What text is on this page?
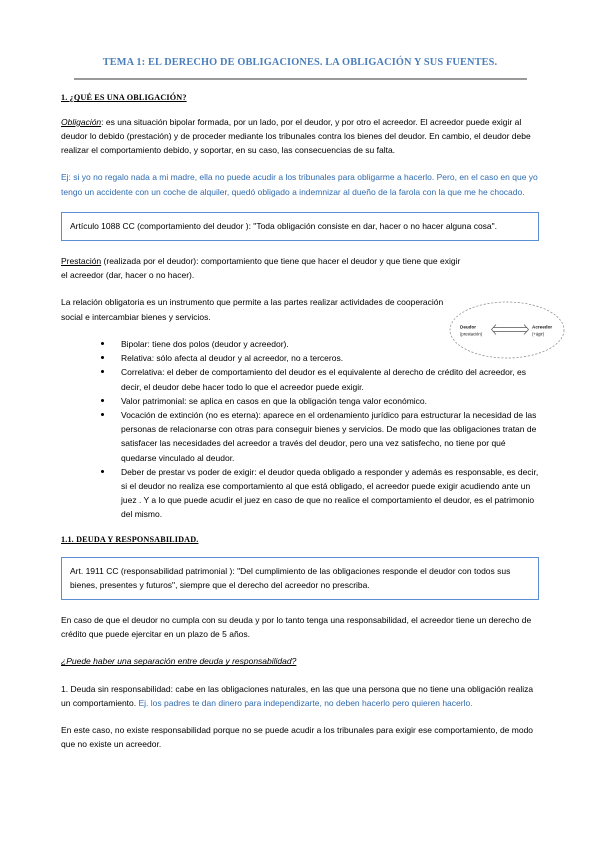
TEMA 1: EL DERECHO DE OBLIGACIONES. LA OBLIGACIÓN Y SUS FUENTES.
1. ¿QUÉ ES UNA OBLIGACIÓN?

Obligación: es una situación bipolar formada, por un lado, por el deudor, y por otro el acreedor. El acreedor puede exigir al deudor lo debido (prestación) y de proceder mediante los tribunales contra los bienes del deudor. En cambio, el deudor debe realizar el comportamiento debido, y soportar, en su caso, las consecuencias de su falta.

Ej: si yo no regalo nada a mi madre, ella no puede acudir a los tribunales para obligarme a hacerlo. Pero, en el caso en que yo tengo un accidente con un coche de alquiler, quedó obligado a indemnizar al dueño de la farola con la que me he chocado.

Artículo 1088 CC (comportamiento del deudor ): "Toda obligación consiste en dar, hacer o no hacer alguna cosa".

Prestación (realizada por el deudor): comportamiento que tiene que hacer el deudor y que tiene que exigir el acreedor (dar, hacer o no hacer).

La relación obligatoria es un instrumento que permite a las partes realizar actividades de cooperación social e intercambiar bienes y servicios.

Bipolar: tiene dos polos (deudor y acreedor).
Relativa: sólo afecta al deudor y al acreedor, no a terceros.
Correlativa: el deber de comportamiento del deudor es el equivalente al derecho de crédito del acreedor, es decir, el deudor debe hacer todo lo que el acreedor puede exigir.
Valor patrimonial: se aplica en casos en que la obligación tenga valor económico.
Vocación de extinción (no es eterna): aparece en el ordenamiento jurídico para estructurar la necesidad de las personas de relacionarse con otras para conseguir bienes y servicios. De modo que las obligaciones tratan de satisfacer las necesidades del acreedor a través del deudor, pero una vez satisfecho, no tiene por qué quedarse vinculado al deudor.
Deber de prestar vs poder de exigir: el deudor queda obligado a responder y además es responsable, es decir, si el deudor no realiza ese comportamiento al que está obligado, el acreedor puede exigir acudiendo ante un juez . Y a lo que puede acudir el juez en caso de que no realice el comportamiento el deudor, es el patrimonio del mismo.
1.1. DEUDA Y RESPONSABILIDAD.
Art. 1911 CC (responsabilidad patrimonial ): "Del cumplimiento de las obligaciones responde el deudor con todos sus bienes, presentes y futuros", siempre que el derecho del acreedor no prescriba.

En caso de que el deudor no cumpla con su deuda y por lo tanto tenga una responsabilidad, el acreedor tiene un derecho de crédito que puede ejercitar en un plazo de 5 años.

¿Puede haber una separación entre deuda y responsabilidad?

1. Deuda sin responsabilidad: cabe en las obligaciones naturales, en las que una persona que no tiene una obligación realiza un comportamiento. Ej. los padres te dan dinero para independizarte, no deben hacerlo pero quieren hacerlo.

En este caso, no existe responsabilidad porque no se puede acudir a los tribunales para exigir ese comportamiento, de modo que no existe un acreedor.

Deudor
(prestación)
Acreedor
(+ágir)
